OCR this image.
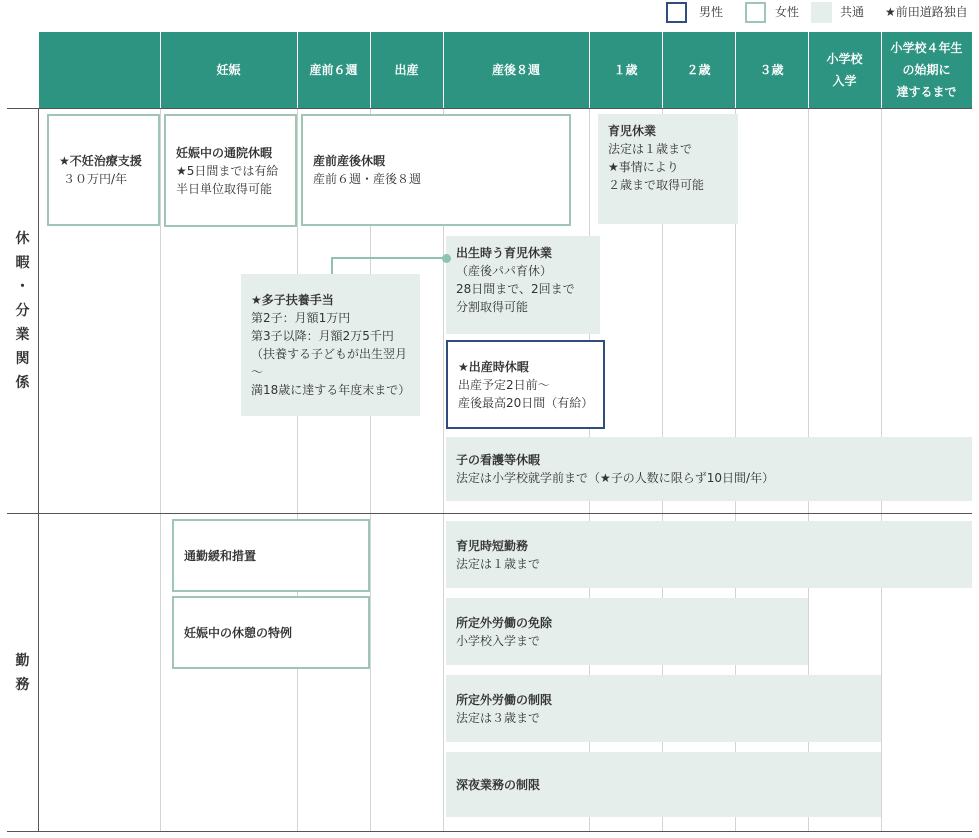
男性	女性	共通 ★前田道路独自
妊娠	産前６週	出産	産後８週	１歳	２歳	３歳
小学校
入学
小学校４年生
の始期に
達するまで
休
暇
・
分
業
関
係
勤
務
★不妊治療支援
３０万円/年
妊娠中の通院休暇
★5日間までは有給
半日単位取得可能
産前産後休暇
産前６週・産後８週
育児休業
法定は１歳まで
★事情により
２歳まで取得可能
出生時う育児休業
（産後パパ育休）
28日間まで、2回まで
分割取得可能
★多子扶養手当
第2子：月額1万円
第3子以降：月額2万5千円
（扶養する子どもが出生翌月
〜
満18歳に達する年度末まで）
★出産時休暇
出産予定2日前〜
産後最高20日間（有給）
子の看護等休暇
法定は小学校就学前まで（★子の人数に限らず10日間/年）
通勤緩和措置
妊娠中の休憩の特例
育児時短勤務
法定は１歳まで
所定外労働の免除
小学校入学まで
所定外労働の制限
法定は３歳まで
深夜業務の制限
